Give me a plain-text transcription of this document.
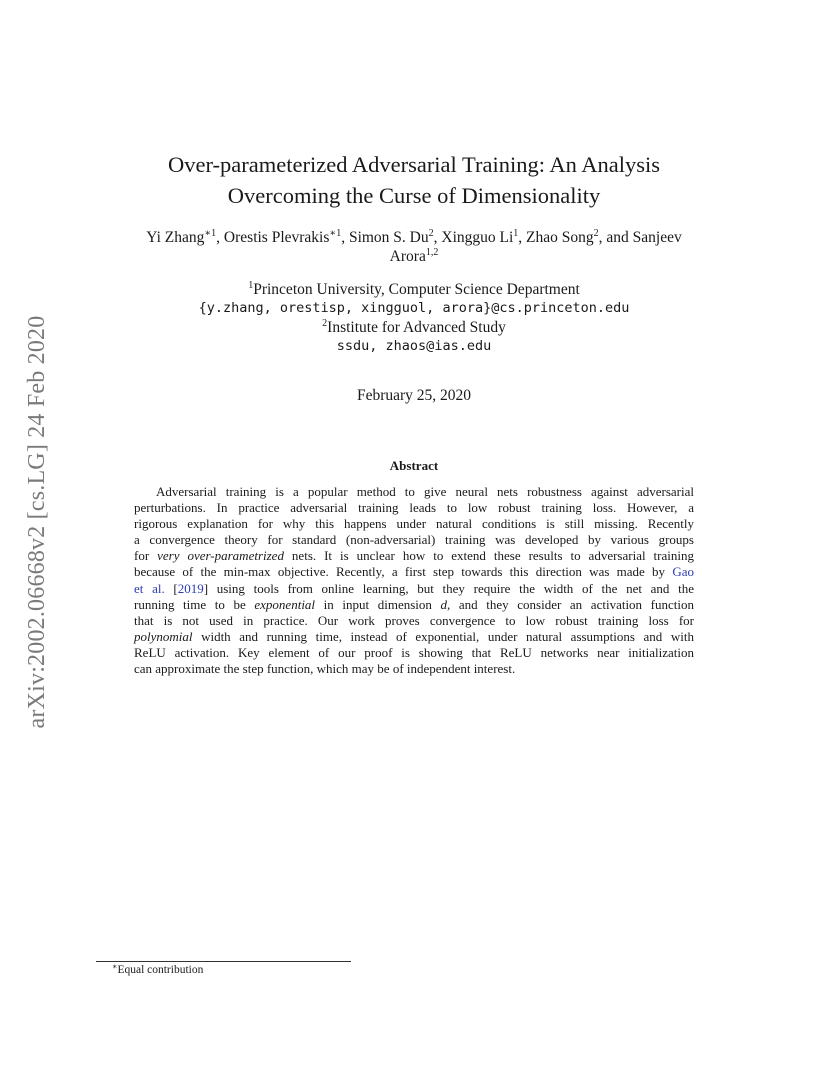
arXiv:2002.06668v2 [cs.LG] 24 Feb 2020
Over-parameterized Adversarial Training: An Analysis
Overcoming the Curse of Dimensionality
Yi Zhang$^{∗1}$, Orestis Plevrakis$^{∗1}$, Simon S. Du$^2$, Xingguo Li$^1$, Zhao Song$^2$, and Sanjeev
Arora$^{1,2}$
$^1$Princeton University, Computer Science Department
{y.zhang, orestisp, xingguol, arora}@cs.princeton.edu
$^2$Institute for Advanced Study
ssdu, zhaos@ias.edu
February 25, 2020
Abstract
Adversarial training is a popular method to give neural nets robustness against adversarial
perturbations. In practice adversarial training leads to low robust training loss. However, a
rigorous explanation for why this happens under natural conditions is still missing. Recently
a convergence theory for standard (non-adversarial) training was developed by various groups
for very over-parametrized nets. It is unclear how to extend these results to adversarial training
because of the min-max objective. Recently, a first step towards this direction was made by Gao
et al. [2019] using tools from online learning, but they require the width of the net and the
running time to be exponential in input dimension d, and they consider an activation function
that is not used in practice. Our work proves convergence to low robust training loss for
polynomial width and running time, instead of exponential, under natural assumptions and with
ReLU activation. Key element of our proof is showing that ReLU networks near initialization
can approximate the step function, which may be of independent interest.
∗Equal contribution
